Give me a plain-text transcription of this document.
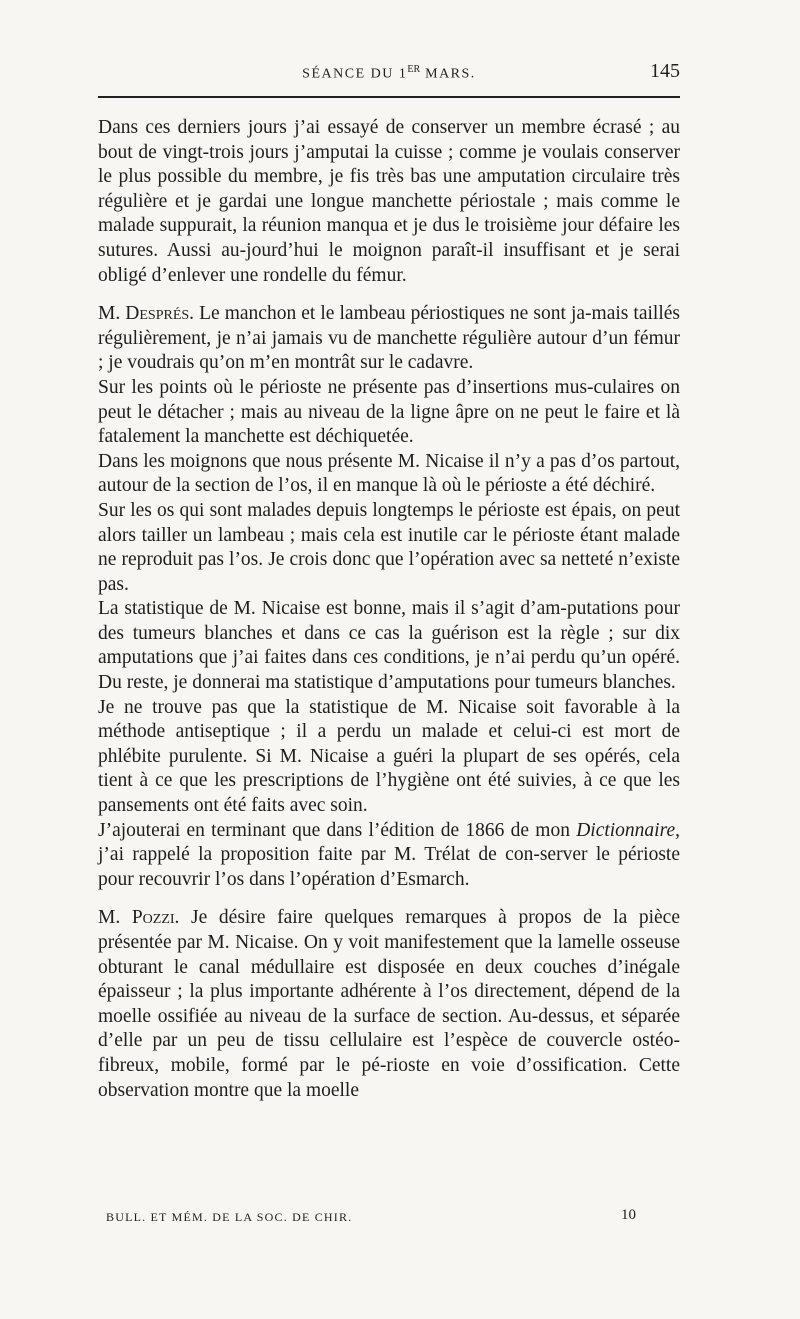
SÉANCE DU 1ER MARS.	145

Dans ces derniers jours j’ai essayé de conserver un membre écrasé ; au bout de vingt-trois jours j’amputai la cuisse ; comme je voulais conserver le plus possible du membre, je fis très bas une amputation circulaire très régulière et je gardai une longue manchette périostale ; mais comme le malade suppurait, la réunion manqua et je dus le troisième jour défaire les sutures. Aussi au-jourd’hui le moignon paraît-il insuffisant et je serai obligé d’enlever une rondelle du fémur.

M. Després. Le manchon et le lambeau périostiques ne sont ja-mais taillés régulièrement, je n’ai jamais vu de manchette régulière autour d’un fémur ; je voudrais qu’on m’en montrât sur le cadavre.

Sur les points où le périoste ne présente pas d’insertions mus-culaires on peut le détacher ; mais au niveau de la ligne âpre on ne peut le faire et là fatalement la manchette est déchiquetée.

Dans les moignons que nous présente M. Nicaise il n’y a pas d’os partout, autour de la section de l’os, il en manque là où le périoste a été déchiré.

Sur les os qui sont malades depuis longtemps le périoste est épais, on peut alors tailler un lambeau ; mais cela est inutile car le périoste étant malade ne reproduit pas l’os. Je crois donc que l’opération avec sa netteté n’existe pas.

La statistique de M. Nicaise est bonne, mais il s’agit d’am-putations pour des tumeurs blanches et dans ce cas la guérison est la règle ; sur dix amputations que j’ai faites dans ces conditions, je n’ai perdu qu’un opéré. Du reste, je donnerai ma statistique d’amputations pour tumeurs blanches.

Je ne trouve pas que la statistique de M. Nicaise soit favorable à la méthode antiseptique ; il a perdu un malade et celui-ci est mort de phlébite purulente. Si M. Nicaise a guéri la plupart de ses opérés, cela tient à ce que les prescriptions de l’hygiène ont été suivies, à ce que les pansements ont été faits avec soin.

J’ajouterai en terminant que dans l’édition de 1866 de mon Dictionnaire, j’ai rappelé la proposition faite par M. Trélat de con-server le périoste pour recouvrir l’os dans l’opération d’Esmarch.

M. Pozzi. Je désire faire quelques remarques à propos de la pièce présentée par M. Nicaise. On y voit manifestement que la lamelle osseuse obturant le canal médullaire est disposée en deux couches d’inégale épaisseur ; la plus importante adhérente à l’os directement, dépend de la moelle ossifiée au niveau de la surface de section. Au-dessus, et séparée d’elle par un peu de tissu cellulaire est l’espèce de couvercle ostéo-fibreux, mobile, formé par le pé-rioste en voie d’ossification. Cette observation montre que la moelle

BULL. ET MÉM. DE LA SOC. DE CHIR.	10
